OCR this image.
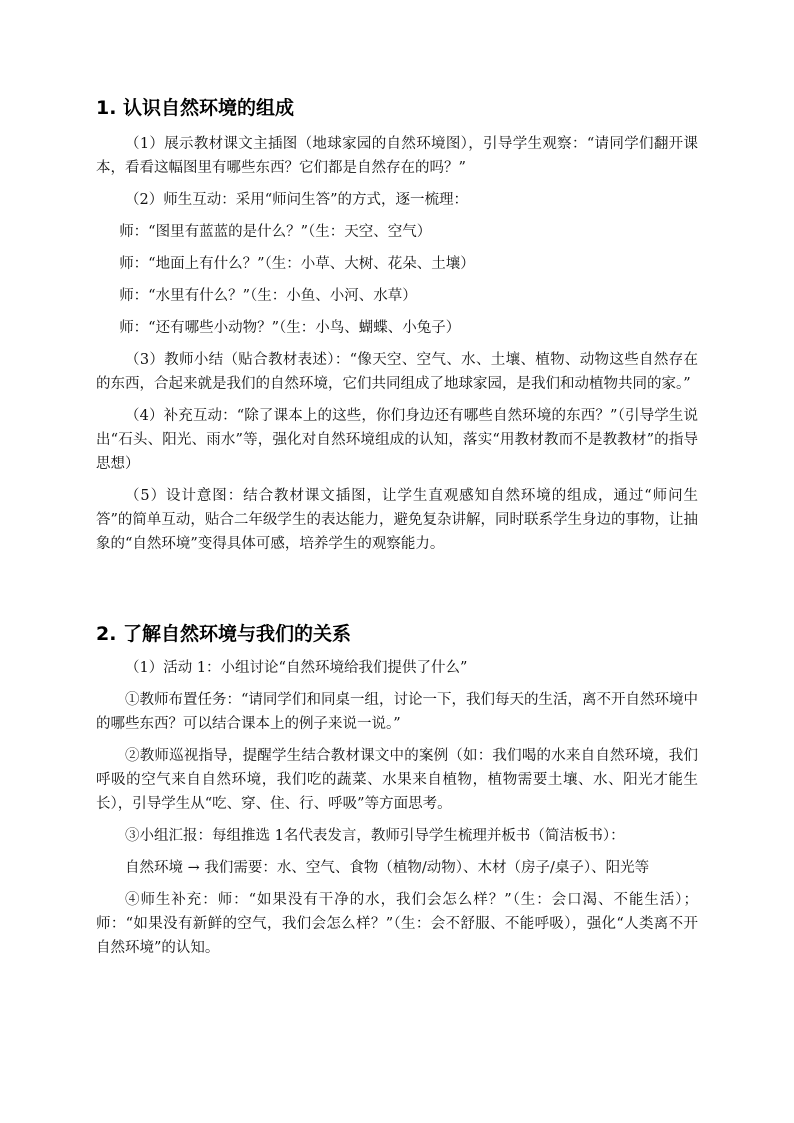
1. 认识自然环境的组成

（1）展示教材课文主插图（地球家园的自然环境图），引导学生观察：“请同学们翻开课本，看看这幅图里有哪些东西？它们都是自然存在的吗？”

（2）师生互动：采用“师问生答”的方式，逐一梳理：

师：“图里有蓝蓝的是什么？”（生：天空、空气）

师：“地面上有什么？”（生：小草、大树、花朵、土壤）

师：“水里有什么？”（生：小鱼、小河、水草）

师：“还有哪些小动物？”（生：小鸟、蝴蝶、小兔子）

（3）教师小结（贴合教材表述）：“像天空、空气、水、土壤、植物、动物这些自然存在的东西，合起来就是我们的自然环境，它们共同组成了地球家园，是我们和动植物共同的家。”

（4）补充互动：“除了课本上的这些，你们身边还有哪些自然环境的东西？”（引导学生说出“石头、阳光、雨水”等，强化对自然环境组成的认知，落实“用教材教而不是教教材”的指导思想）

（5）设计意图：结合教材课文插图，让学生直观感知自然环境的组成，通过“师问生答”的简单互动，贴合二年级学生的表达能力，避免复杂讲解，同时联系学生身边的事物，让抽象的“自然环境”变得具体可感，培养学生的观察能力。

2. 了解自然环境与我们的关系

（1）活动 1：小组讨论“自然环境给我们提供了什么”

①教师布置任务：“请同学们和同桌一组，讨论一下，我们每天的生活，离不开自然环境中的哪些东西？可以结合课本上的例子来说一说。”

②教师巡视指导，提醒学生结合教材课文中的案例（如：我们喝的水来自自然环境，我们呼吸的空气来自自然环境，我们吃的蔬菜、水果来自植物，植物需要土壤、水、阳光才能生长），引导学生从“吃、穿、住、行、呼吸”等方面思考。

③小组汇报：每组推选 1名代表发言，教师引导学生梳理并板书（简洁板书）：

自然环境 → 我们需要：水、空气、食物（植物/动物）、木材（房子/桌子）、阳光等

④师生补充：师：“如果没有干净的水，我们会怎么样？”（生：会口渴、不能生活）；师：“如果没有新鲜的空气，我们会怎么样？”（生：会不舒服、不能呼吸），强化“人类离不开自然环境”的认知。
